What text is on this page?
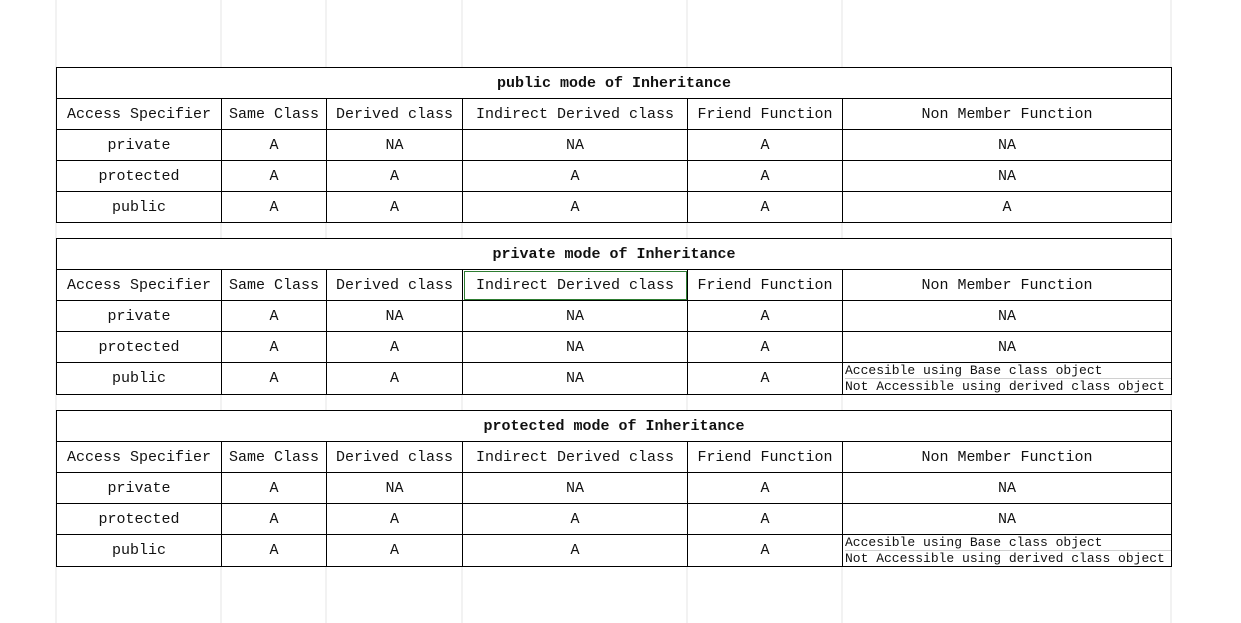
public mode of Inheritance					
Access Specifier	Same Class	Derived class	Indirect Derived class	Friend Function	Non Member Function
private	A	NA	NA	A	NA
protected	A	A	A	A	NA
public	A	A	A	A	A
private mode of Inheritance					
Access Specifier	Same Class	Derived class	Indirect Derived class	Friend Function	Non Member Function
private	A	NA	NA	A	NA
protected	A	A	NA	A	NA
public	A	A	NA	A	Accesible using Base class object
Not Accessible using derived class object
protected mode of Inheritance					
Access Specifier	Same Class	Derived class	Indirect Derived class	Friend Function	Non Member Function
private	A	NA	NA	A	NA
protected	A	A	A	A	NA
public	A	A	A	A	Accesible using Base class object
Not Accessible using derived class object
